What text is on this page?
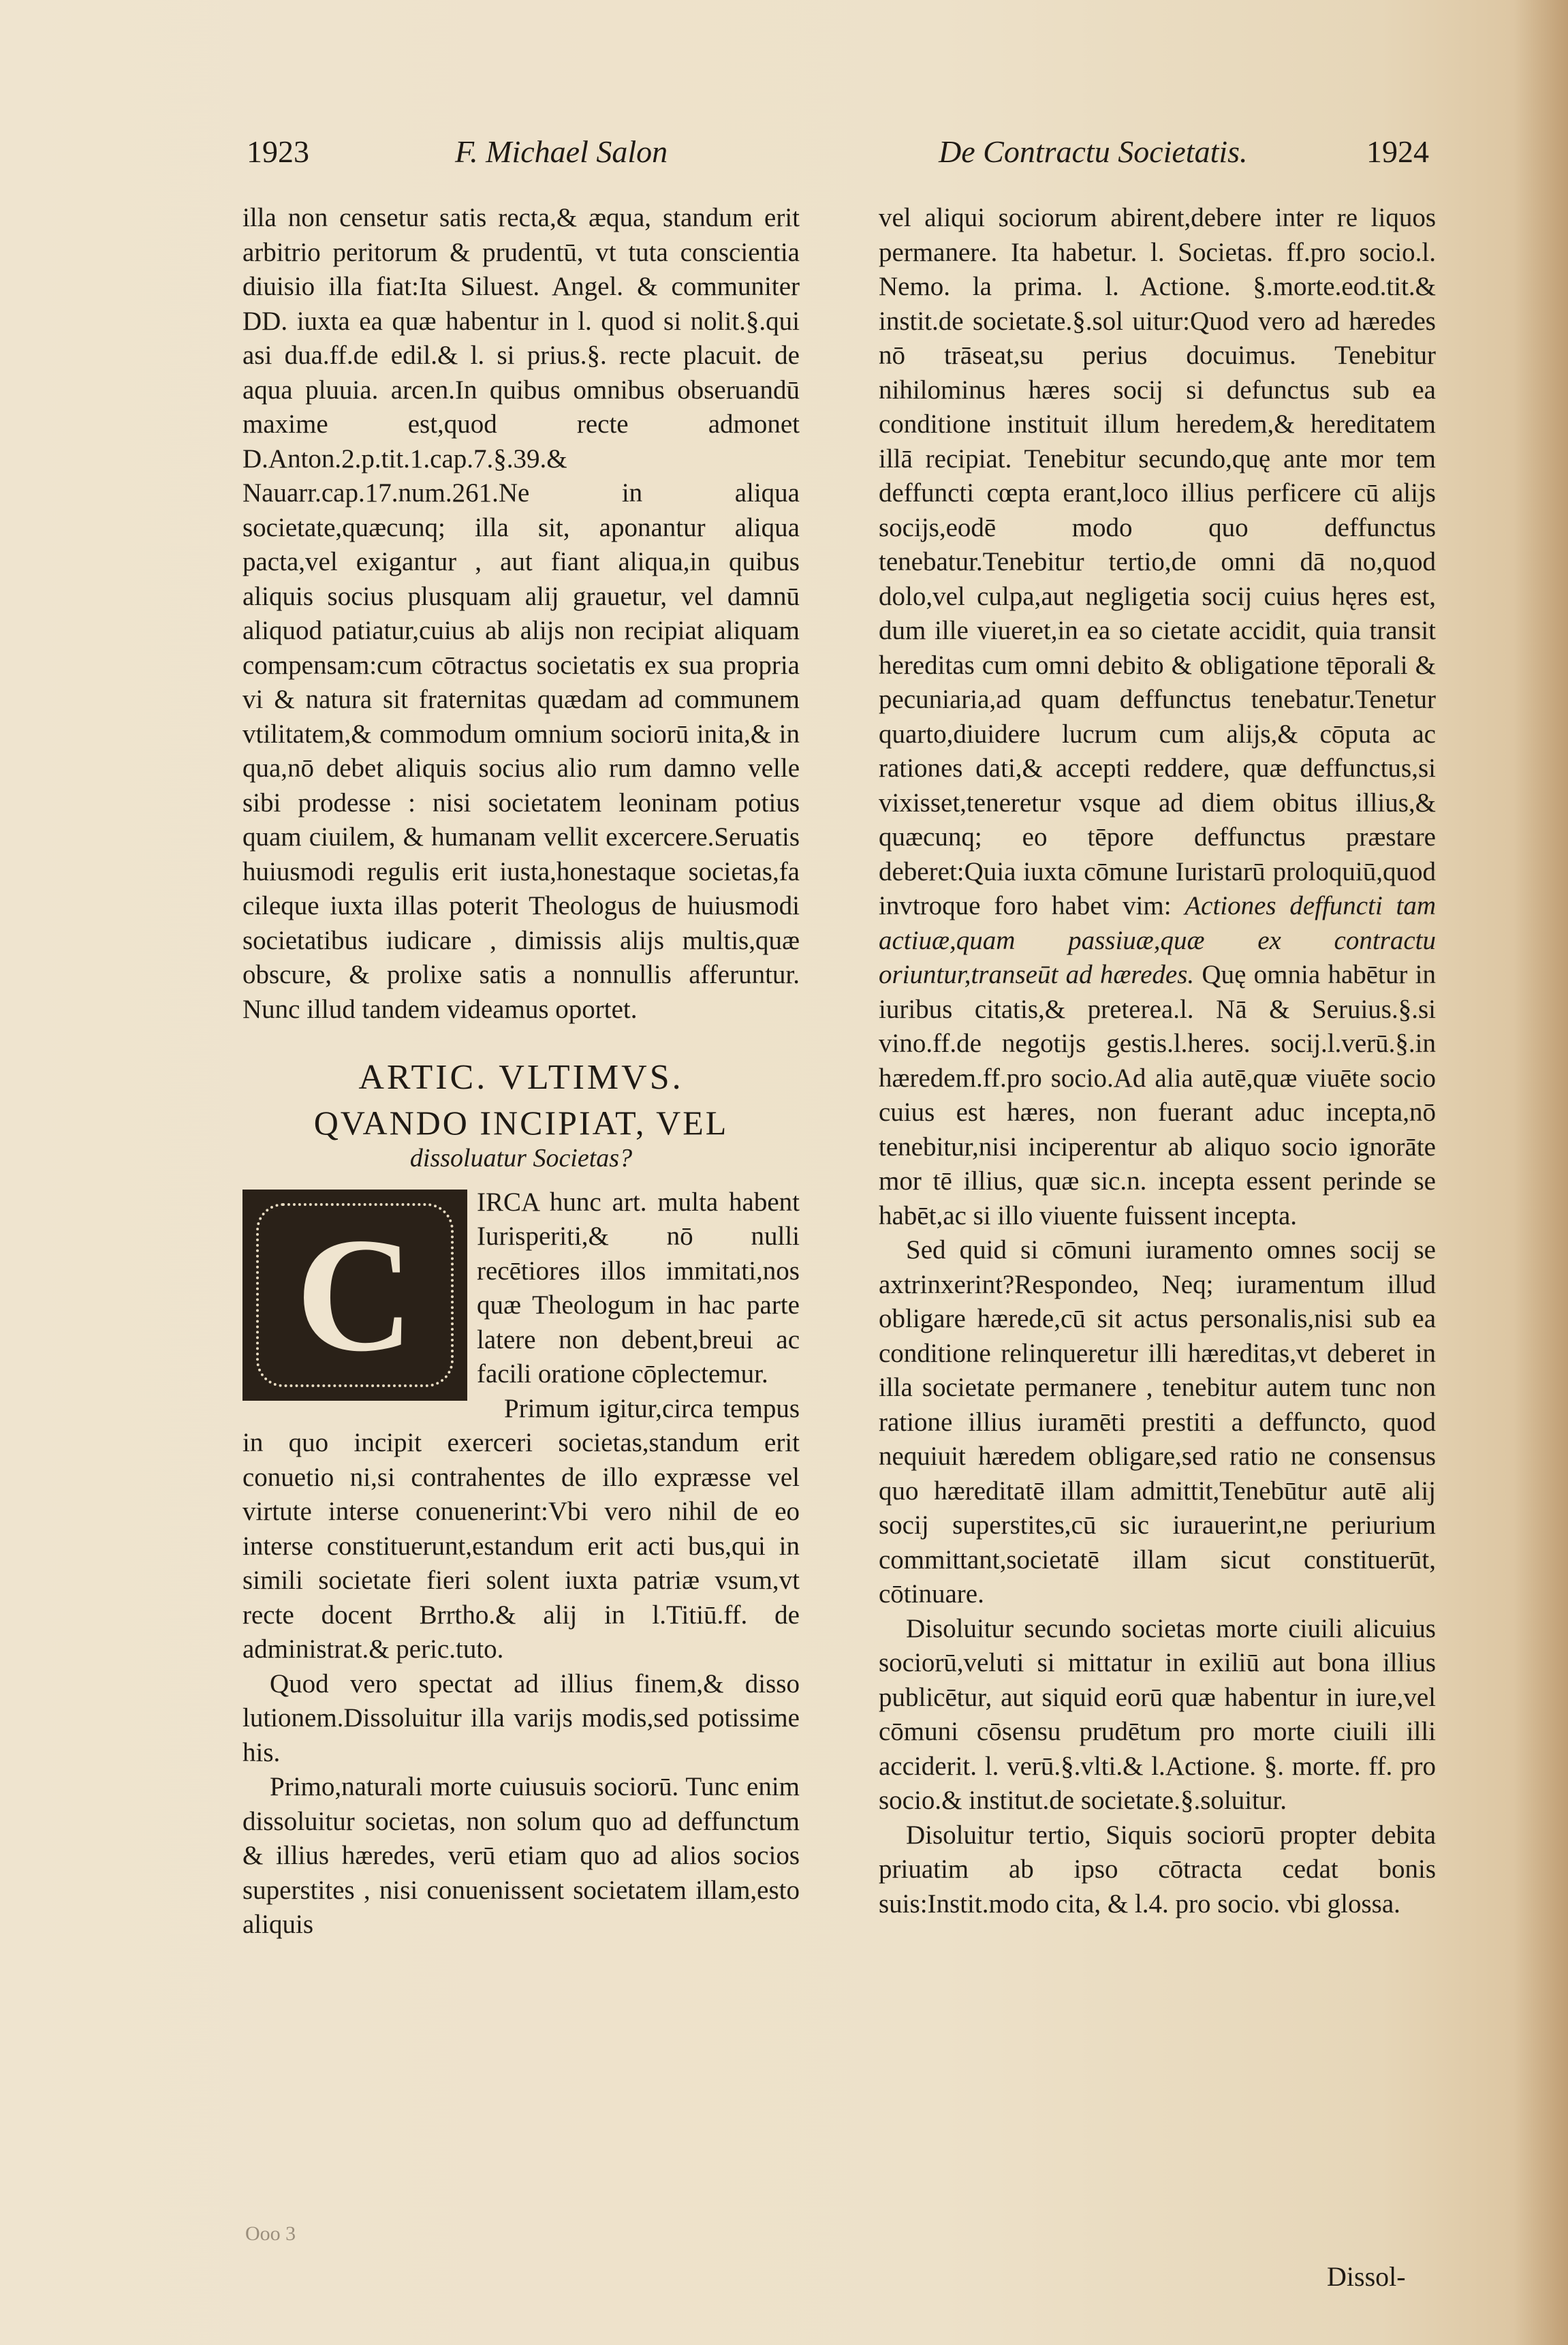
1923	F. Michael Salon	De Contractu Societatis.	1924

illa non censetur satis recta,& æqua, standum erit arbitrio peritorum & prudentū, vt tuta conscientia diuisio illa fiat:Ita Siluest. Angel. & communiter DD. iuxta ea quæ habentur in l. quod si nolit.§.qui asi dua.ff.de edil.& l. si prius.§. recte placuit. de aqua pluuia. arcen.In quibus omnibus obseruandū maxime est,quod recte admonet D.Anton.2.p.tit.1.cap.7.§.39.& Nauarr.cap.17.num.261.Ne in aliqua societate,quæcunq; illa sit, aponantur aliqua pacta,vel exigantur , aut fiant aliqua,in quibus aliquis socius plusquam alij grauetur, vel damnū aliquod patiatur,cuius ab alijs non recipiat aliquam compensam:cum cōtractus societatis ex sua propria vi & natura sit fraternitas quædam ad communem vtilitatem,& commodum omnium sociorū inita,& in qua,nō debet aliquis socius alio rum damno velle sibi prodesse : nisi societatem leoninam potius quam ciuilem, & humanam vellit excercere.Seruatis huiusmodi regulis erit iusta,honestaque societas,fa cileque iuxta illas poterit Theologus de huiusmodi societatibus iudicare , dimissis alijs multis,quæ obscure, & prolixe satis a nonnullis afferuntur. Nunc illud tandem videamus oportet.

ARTIC. VLTIMVS.
QVANDO INCIPIAT, VEL
dissoluatur Societas?
C

IRCA hunc art. multa habent Iurisperiti,& nō nulli recētiores illos immitati,nos quæ Theologum in hac parte latere non debent,breui ac facili oratione cōplectemur.

Primum igitur,circa tempus in quo incipit exerceri societas,standum erit conuetio ni,si contrahentes de illo expræsse vel virtute interse conuenerint:Vbi vero nihil de eo interse constituerunt,estandum erit acti bus,qui in simili societate fieri solent iuxta patriæ vsum,vt recte docent Brrtho.& alij in l.Titiū.ff. de administrat.& peric.tuto.

Quod vero spectat ad illius finem,& disso lutionem.Dissoluitur illa varijs modis,sed potissime his.

Primo,naturali morte cuiusuis sociorū. Tunc enim dissoluitur societas, non solum quo ad deffunctum & illius hæredes, verū etiam quo ad alios socios superstites , nisi conuenissent societatem illam,esto aliquis

Ooo 3

vel aliqui sociorum abirent,debere inter re liquos permanere. Ita habetur. l. Societas. ff.pro socio.l. Nemo. la prima. l. Actione. §.morte.eod.tit.& instit.de societate.§.sol uitur:Quod vero ad hæredes nō trāseat,su perius docuimus. Tenebitur nihilominus hæres socij si defunctus sub ea conditione instituit illum heredem,& hereditatem illā recipiat. Tenebitur secundo,quę ante mor tem deffuncti cœpta erant,loco illius perficere cū alijs socijs,eodē modo quo deffunctus tenebatur.Tenebitur tertio,de omni dā no,quod dolo,vel culpa,aut negligetia socij cuius hęres est, dum ille viueret,in ea so cietate accidit, quia transit hereditas cum omni debito & obligatione tēporali & pecuniaria,ad quam deffunctus tenebatur.Tenetur quarto,diuidere lucrum cum alijs,& cōputa ac rationes dati,& accepti reddere, quæ deffunctus,si vixisset,teneretur vsque ad diem obitus illius,& quæcunq; eo tēpore deffunctus præstare deberet:Quia iuxta cōmune Iuristarū proloquiū,quod invtroque foro habet vim: Actiones deffuncti tam actiuæ,quam passiuæ,quæ ex contractu oriuntur,transeūt ad hæredes. Quę omnia habētur in iuribus citatis,& preterea.l. Nā & Seruius.§.si vino.ff.de negotijs gestis.l.heres. socij.l.verū.§.in hæredem.ff.pro socio.Ad alia autē,quæ viuēte socio cuius est hæres, non fuerant aduc incepta,nō tenebitur,nisi inciperentur ab aliquo socio ignorāte mor tē illius, quæ sic.n. incepta essent perinde se habēt,ac si illo viuente fuissent incepta.

Sed quid si cōmuni iuramento omnes socij se axtrinxerint?Respondeo, Neq; iuramentum illud obligare hærede,cū sit actus personalis,nisi sub ea conditione relinqueretur illi hæreditas,vt deberet in illa societate permanere , tenebitur autem tunc non ratione illius iuramēti prestiti a deffuncto, quod nequiuit hæredem obligare,sed ratio ne consensus quo hæreditatē illam admittit,Tenebūtur autē alij socij superstites,cū sic iurauerint,ne periurium committant,societatē illam sicut constituerūt, cōtinuare.

Disoluitur secundo societas morte ciuili alicuius sociorū,veluti si mittatur in exiliū aut bona illius publicētur, aut siquid eorū quæ habentur in iure,vel cōmuni cōsensu prudētum pro morte ciuili illi acciderit. l. verū.§.vlti.& l.Actione. §. morte. ff. pro socio.& institut.de societate.§.soluitur.

Disoluitur tertio, Siquis sociorū propter debita priuatim ab ipso cōtracta cedat bonis suis:Instit.modo cita, & l.4. pro socio. vbi glossa.

Dissol-
